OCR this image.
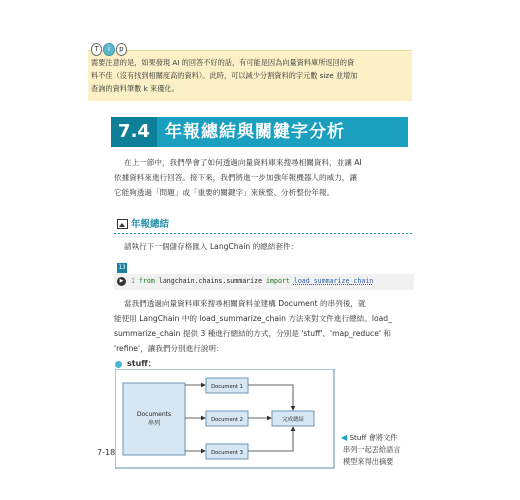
T	i	p
需要注意的是，如果發現 AI 的回答不好的話，有可能是因為向量資料庫所返回的資
料不佳（沒有找到相關度高的資料）。此時，可以減少分割資料的字元數 size 並增加
查詢的資料筆數 k 來優化。
7.4 年報總結與關鍵字分析
在上一節中，我們學會了如何透過向量資料庫來搜尋相關資料，並讓 AI
依據資料來進行回答。接下來，我們將進一步加強年報機器人的威力，讓
它能夠透過「問題」或「重要的關鍵字」來統整、分析整份年報。
年報總結
請執行下一個儲存格匯入 LangChain 的總結套件：
13
▶	1 from langchain.chains.summarize import load_summarize_chain
當我們透過向量資料庫來搜尋相關資料並建構 Document 的串列後，就
能使用 LangChain 中的 load_summarize_chain 方法來對文件進行總結。load_
summarize_chain 提供 3 種進行總結的方式，分別是 'stuff'、'map_reduce' 和
'refine'，讓我們分別進行說明：
stuff：
Documents
串列
Document 1
Document 2
Document 3
完成總結
◀ Stuff 會將文件
串列一起丟給語言
模型來得出摘要
7-18
